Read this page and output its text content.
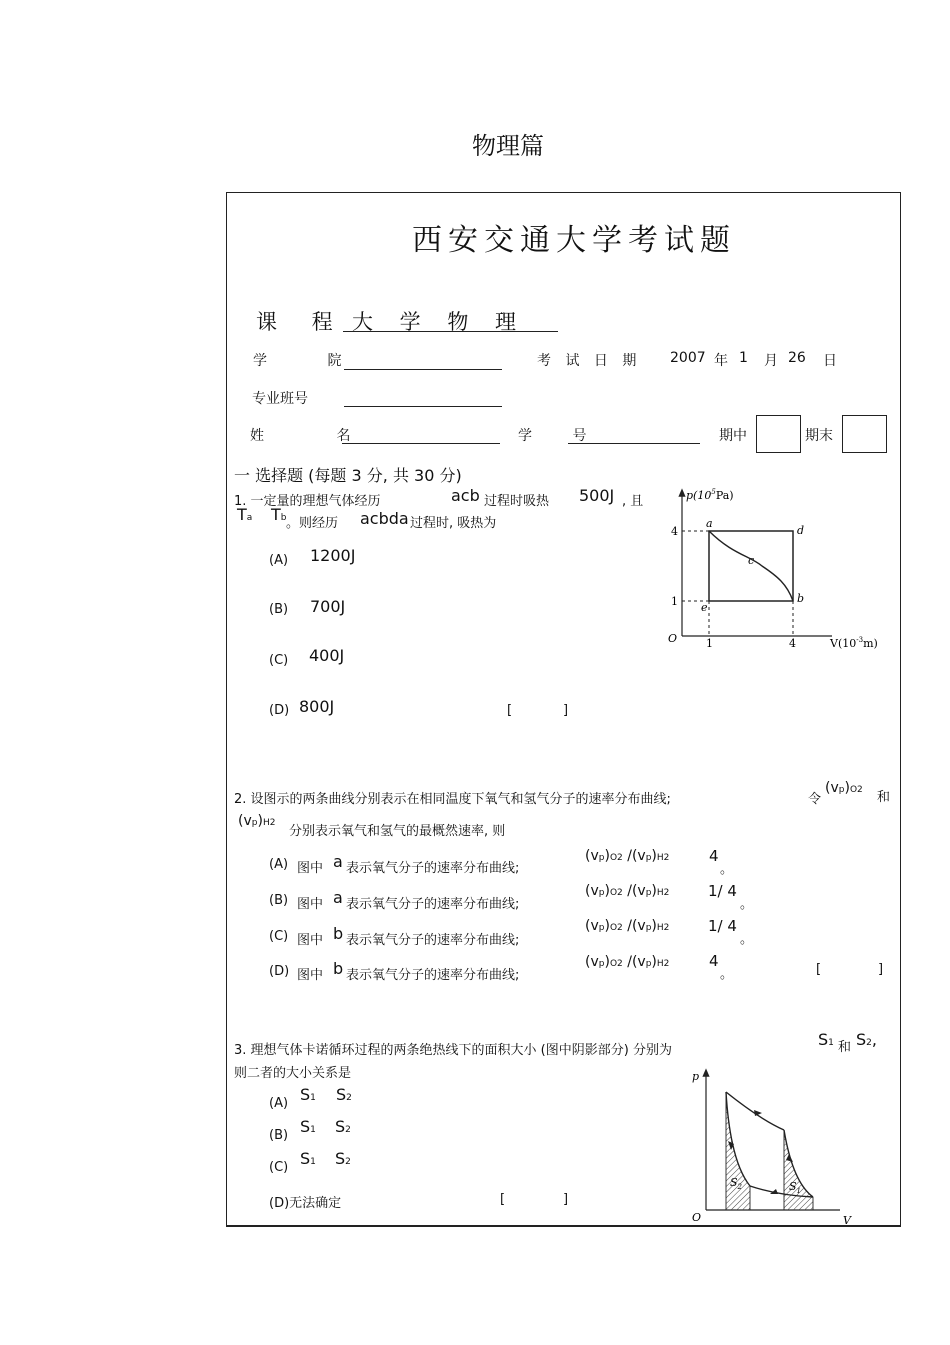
物理篇
西安交通大学考试题
课 程 大 学 物 理
学 院	考 试 日 期 2007 年 1 月 26 日
专业班号
姓 名	学 号	期中	期末
一 选择题 (每题 3 分, 共 30 分)
1. 一定量的理想气体经历	acb 过程时吸热 500J , 且
Ta Tb 。则经历 acbda 过程时, 吸热为
(A) 1200J
(B) 700J
(C) 400J
(D) 800J	[	]
$p(10^5Pa)$
$V(10^{-3}m)$
O
4
1
1	4
a
d
c
b
e
2. 设图示的两条曲线分别表示在相同温度下氧气和氢气分子的速率分布曲线;	令
(vp)O2 和
(vp)H2
分别表示氧气和氢气的最概然速率, 则
(A) 图中 a 表示氧气分子的速率分布曲线;
(vp)O2 /(vp)H2	4
。
(B) 图中 a 表示氧气分子的速率分布曲线;
(vp)O2 /(vp)H2	1/ 4
。
(C) 图中 b 表示氧气分子的速率分布曲线;
(vp)O2 /(vp)H2	1/ 4
。
(D) 图中 b 表示氧气分子的速率分布曲线;
(vp)O2 /(vp)H2	4
。	[	]
3. 理想气体卡诺循环过程的两条绝热线下的面积大小 (图中阴影部分) 分别为
S1 和 S2,
则二者的大小关系是
(A) S1 S2
(B) S1 S2
(C) S1 S2
(D)无法确定	[	]
p
V
O
$S_2$	$S_1$
